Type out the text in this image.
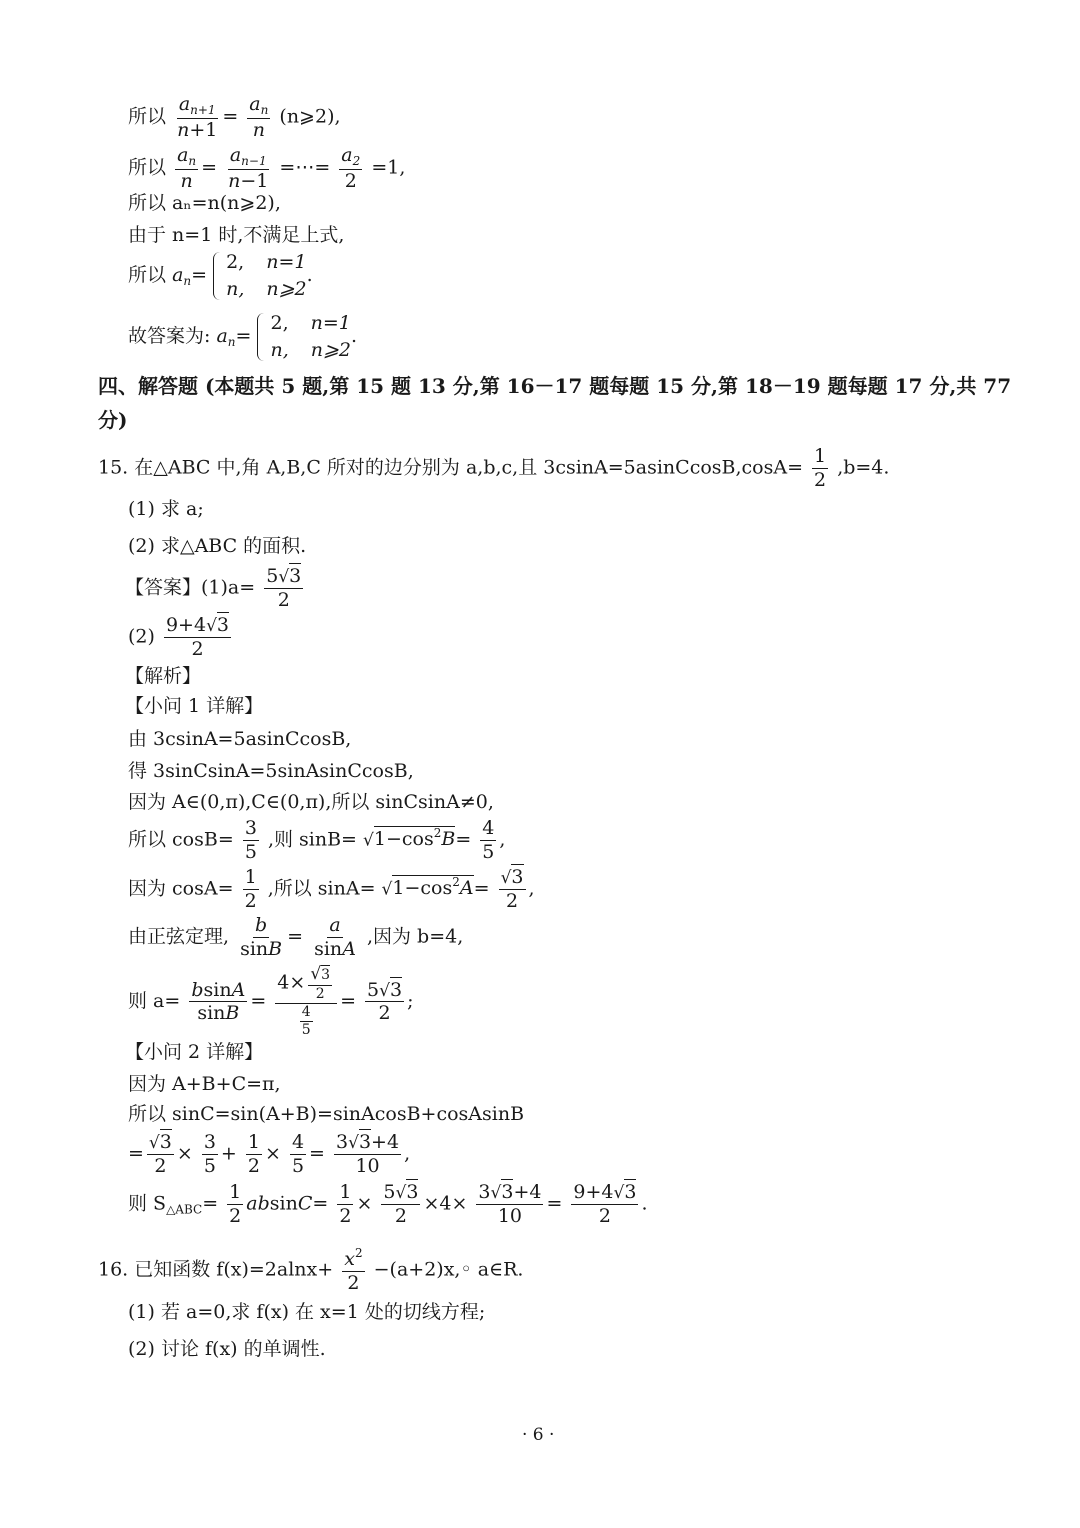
所以 $\frac{a_{n+1}}{n+1} = \frac{a_n}{n}$ (n⩾2),
所以 $\frac{a_n}{n} = \frac{a_{n-1}}{n-1}$ =⋯= $\frac{a_2}{2} =1$,
所以 aₙ=n(n⩾2),
由于 n=1 时,不满足上式,
所以 $a_n=$
2, n=1
n, n⩾2
.
故答案为: $a_n=$
2, n=1
n, n⩾2
.
四、解答题 (本题共 5 题,第 15 题 13 分,第 16－17 题每题 15 分,第 18－19 题每题 17 分,共 77
分)
15. 在△ABC 中,角 A,B,C 所对的边分别为 a,b,c,且 3csinA=5asinCcosB,cosA= $\frac{1}{2} ,b=4$.
(1) 求 a;
(2) 求△ABC 的面积.
【答案】$(1)a= \frac{5√3}{2}$
$(2) \frac{9+4√3}{2}$
【解析】
【小问 1 详解】
由 3csinA=5asinCcosB,
得 3sinCsinA=5sinAsinCcosB,
因为 A∈(0,π),C∈(0,π),所以 sinCsinA≠0,
所以 $\cos B= \frac{3}{5}$ ,则 $\sin B= √1-\cos^2B= \frac{4}{5}$ ,
因为 $\cos A= \frac{1}{2}$ ,所以 $\sin A= √1-\cos^2A= \frac{√3}{2}$ ,
由正弦定理, $\frac{b}{\sin B} = \frac{a}{\sin A}$ ,因为 b=4,
则 $a= \frac{bsinA}{\sin B} = \frac{4\times \frac{√3}{2}}{\frac{4}{5}} = \frac{5√3}{2}$ ;
【小问 2 详解】
因为 A+B+C=π,
所以 sinC=sin(A+B)=sinAcosB+cosAsinB
= $\frac{√3}{2} \times \frac{3}{5} + \frac{1}{2} \times \frac{4}{5} = \frac{3√3+4}{10}$ ,
则 $S_{\triangle ABC}= \frac{1}{2} absinC= \frac{1}{2} \times \frac{5√3}{2} \times 4\times \frac{3√3+4}{10} = \frac{9+4√3}{2}$ .
16. 已知函数 $f(x)=2alnx+ \frac{x^2}{2}$ −(a+2)x,◦ a∈R.
(1) 若 a=0,求 f(x) 在 x=1 处的切线方程;
(2) 讨论 f(x) 的单调性.
· 6 ·
